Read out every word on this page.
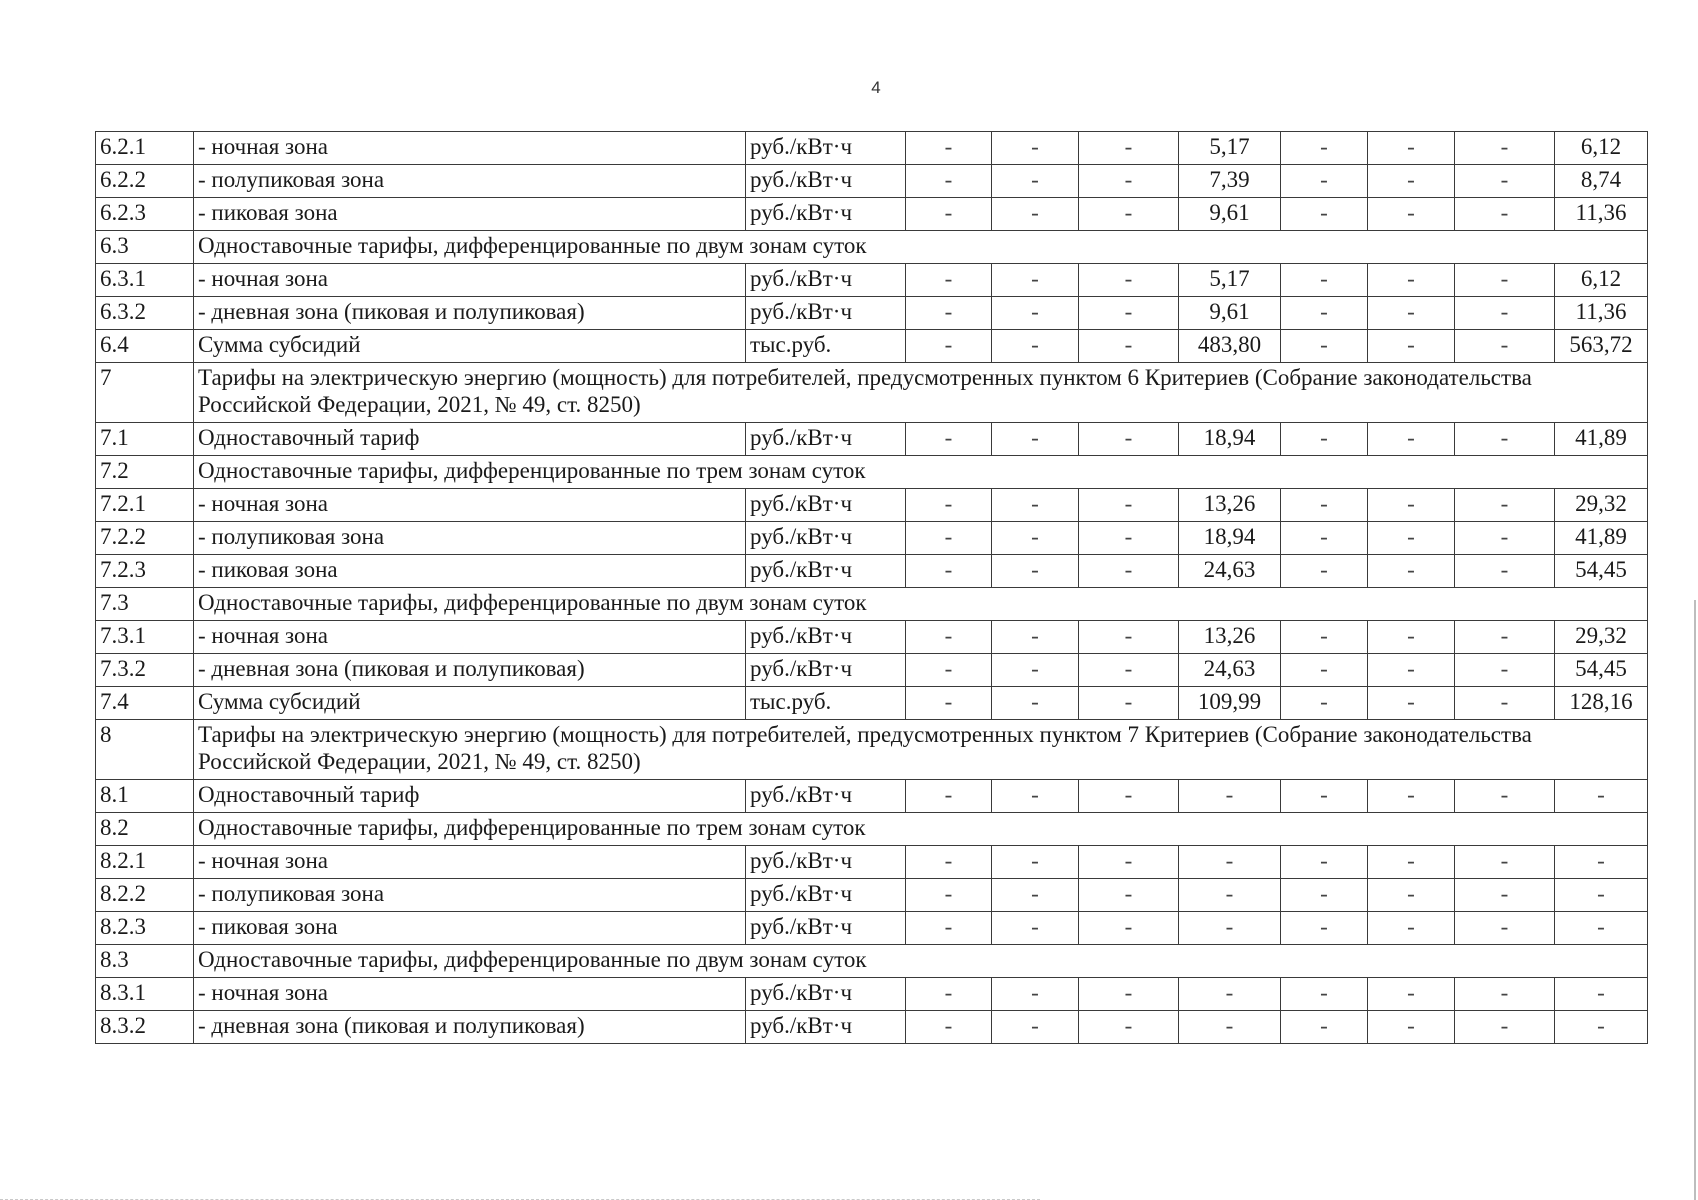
4
6.2.1	- ночная зона	руб./кВт·ч	-	-	-	5,17	-	-	-	6,12
6.2.2	- полупиковая зона	руб./кВт·ч	-	-	-	7,39	-	-	-	8,74
6.2.3	- пиковая зона	руб./кВт·ч	-	-	-	9,61	-	-	-	11,36
6.3	Одноставочные тарифы, дифференцированные по двум зонам суток									
6.3.1	- ночная зона	руб./кВт·ч	-	-	-	5,17	-	-	-	6,12
6.3.2	- дневная зона (пиковая и полупиковая)	руб./кВт·ч	-	-	-	9,61	-	-	-	11,36
6.4	Сумма субсидий	тыс.руб.	-	-	-	483,80	-	-	-	563,72
7	Тарифы на электрическую энергию (мощность) для потребителей, предусмотренных пунктом 6 Критериев (Собрание законодательства Российской Федерации, 2021, № 49, ст. 8250)									
7.1	Одноставочный тариф	руб./кВт·ч	-	-	-	18,94	-	-	-	41,89
7.2	Одноставочные тарифы, дифференцированные по трем зонам суток									
7.2.1	- ночная зона	руб./кВт·ч	-	-	-	13,26	-	-	-	29,32
7.2.2	- полупиковая зона	руб./кВт·ч	-	-	-	18,94	-	-	-	41,89
7.2.3	- пиковая зона	руб./кВт·ч	-	-	-	24,63	-	-	-	54,45
7.3	Одноставочные тарифы, дифференцированные по двум зонам суток									
7.3.1	- ночная зона	руб./кВт·ч	-	-	-	13,26	-	-	-	29,32
7.3.2	- дневная зона (пиковая и полупиковая)	руб./кВт·ч	-	-	-	24,63	-	-	-	54,45
7.4	Сумма субсидий	тыс.руб.	-	-	-	109,99	-	-	-	128,16
8	Тарифы на электрическую энергию (мощность) для потребителей, предусмотренных пунктом 7 Критериев (Собрание законодательства Российской Федерации, 2021, № 49, ст. 8250)									
8.1	Одноставочный тариф	руб./кВт·ч	-	-	-	-	-	-	-	-
8.2	Одноставочные тарифы, дифференцированные по трем зонам суток									
8.2.1	- ночная зона	руб./кВт·ч	-	-	-	-	-	-	-	-
8.2.2	- полупиковая зона	руб./кВт·ч	-	-	-	-	-	-	-	-
8.2.3	- пиковая зона	руб./кВт·ч	-	-	-	-	-	-	-	-
8.3	Одноставочные тарифы, дифференцированные по двум зонам суток									
8.3.1	- ночная зона	руб./кВт·ч	-	-	-	-	-	-	-	-
8.3.2	- дневная зона (пиковая и полупиковая)	руб./кВт·ч	-	-	-	-	-	-	-	-
